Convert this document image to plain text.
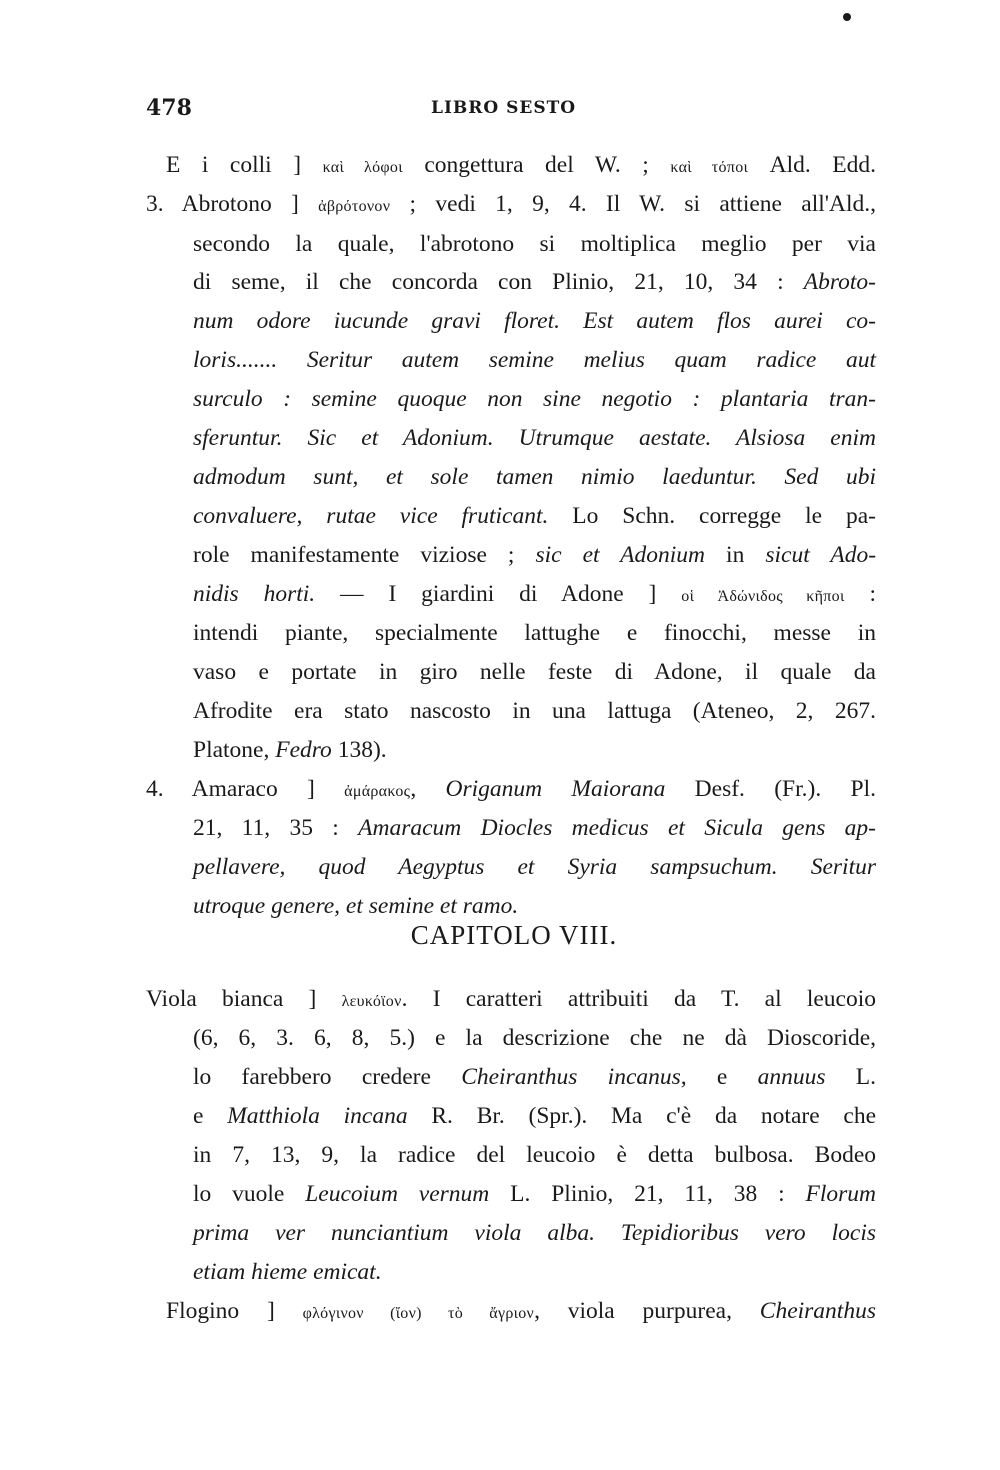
478	LIBRO SESTO
E i colli ] καὶ λόφοι congettura del W. ; καὶ τόποι Ald. Edd.
3. Abrotono ] ἀβρότονον ; vedi 1, 9, 4. Il W. si attiene all'Ald.,
secondo la quale, l'abrotono si moltiplica meglio per via
di seme, il che concorda con Plinio, 21, 10, 34 : Abroto-
num odore iucunde gravi floret. Est autem flos aurei co-
loris....... Seritur autem semine melius quam radice aut
surculo : semine quoque non sine negotio : plantaria tran-
sferuntur. Sic et Adonium. Utrumque aestate. Alsiosa enim
admodum sunt, et sole tamen nimio laeduntur. Sed ubi
convaluere, rutae vice fruticant. Lo Schn. corregge le pa-
role manifestamente viziose ; sic et Adonium in sicut Ado-
nidis horti. — I giardini di Adone ] οἱ Ἀδώνιδος κῆποι :
intendi piante, specialmente lattughe e finocchi, messe in
vaso e portate in giro nelle feste di Adone, il quale da
Afrodite era stato nascosto in una lattuga (Ateneo, 2, 267.
Platone, Fedro 138).
4. Amaraco ] ἀμάρακος, Origanum Maiorana Desf. (Fr.). Pl.
21, 11, 35 : Amaracum Diocles medicus et Sicula gens ap-
pellavere, quod Aegyptus et Syria sampsuchum. Seritur
utroque genere, et semine et ramo.
Viola bianca ] λευκόϊον. I caratteri attribuiti da T. al leucoio
(6, 6, 3. 6, 8, 5.) e la descrizione che ne dà Dioscoride,
lo farebbero credere Cheiranthus incanus, e annuus L.
e Matthiola incana R. Br. (Spr.). Ma c'è da notare che
in 7, 13, 9, la radice del leucoio è detta bulbosa. Bodeo
lo vuole Leucoium vernum L. Plinio, 21, 11, 38 : Florum
prima ver nunciantium viola alba. Tepidioribus vero locis
etiam hieme emicat.
Flogino ] φλόγινον (ἴον) τὸ ἄγριον, viola purpurea, Cheiranthus
CAPITOLO VIII.
